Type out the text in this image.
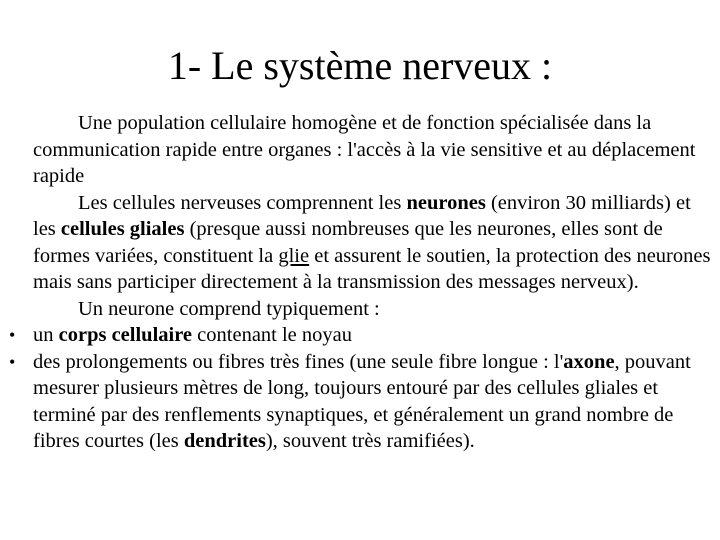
1- Le système nerveux :

Une population cellulaire homogène et de fonction spécialisée dans la communication rapide entre organes : l'accès à la vie sensitive et au déplacement rapide

Les cellules nerveuses comprennent les neurones (environ 30 milliards) et les cellules gliales (presque aussi nombreuses que les neurones, elles sont de formes variées, constituent la glie et assurent le soutien, la protection des neurones mais sans participer directement à la transmission des messages nerveux).

Un neurone comprend typiquement :

• un corps cellulaire contenant le noyau

• des prolongements ou fibres très fines (une seule fibre longue : l'axone, pouvant mesurer plusieurs mètres de long, toujours entouré par des cellules gliales et terminé par des renflements synaptiques, et généralement un grand nombre de fibres courtes (les dendrites), souvent très ramifiées).
